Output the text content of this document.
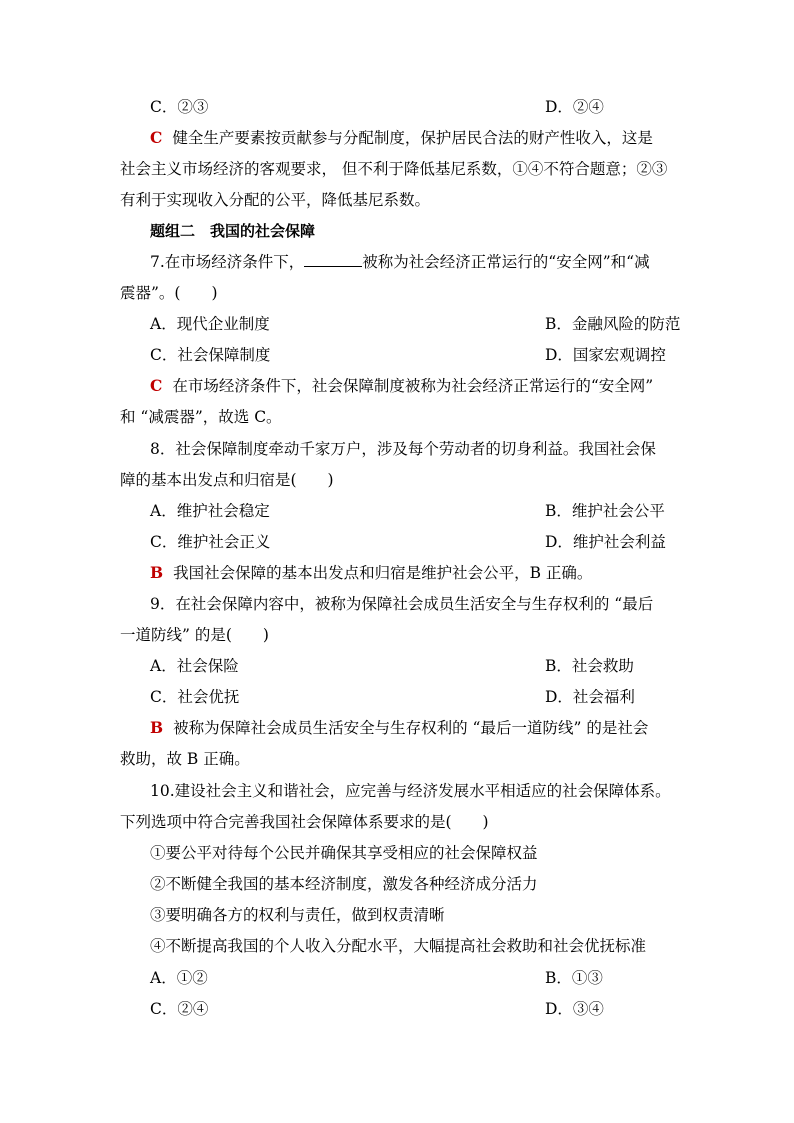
C．②③	D．②④
C 健全生产要素按贡献参与分配制度，保护居民合法的财产性收入，这是
社会主义市场经济的客观要求， 但不利于降低基尼系数，①④不符合题意；②③
有利于实现收入分配的公平，降低基尼系数。
题组二　我国的社会保障
7.在市场经济条件下，	被称为社会经济正常运行的“安全网”和“减
震器”。(　　)
A．现代企业制度	B．金融风险的防范
C．社会保障制度	D．国家宏观调控
C 在市场经济条件下，社会保障制度被称为社会经济正常运行的“安全网”
和 “减震器”，故选 C。
8．社会保障制度牵动千家万户，涉及每个劳动者的切身利益。我国社会保
障的基本出发点和归宿是(　　)
A．维护社会稳定	B．维护社会公平
C．维护社会正义	D．维护社会利益
B 我国社会保障的基本出发点和归宿是维护社会公平，B 正确。
9．在社会保障内容中，被称为保障社会成员生活安全与生存权利的 “最后
一道防线” 的是(　　)
A．社会保险	B．社会救助
C．社会优抚	D．社会福利
B 被称为保障社会成员生活安全与生存权利的 “最后一道防线” 的是社会
救助，故 B 正确。
10.建设社会主义和谐社会，应完善与经济发展水平相适应的社会保障体系。
下列选项中符合完善我国社会保障体系要求的是(　　)
①要公平对待每个公民并确保其享受相应的社会保障权益
②不断健全我国的基本经济制度，激发各种经济成分活力
③要明确各方的权利与责任，做到权责清晰
④不断提高我国的个人收入分配水平，大幅提高社会救助和社会优抚标准
A．①②	B．①③
C．②④	D．③④
